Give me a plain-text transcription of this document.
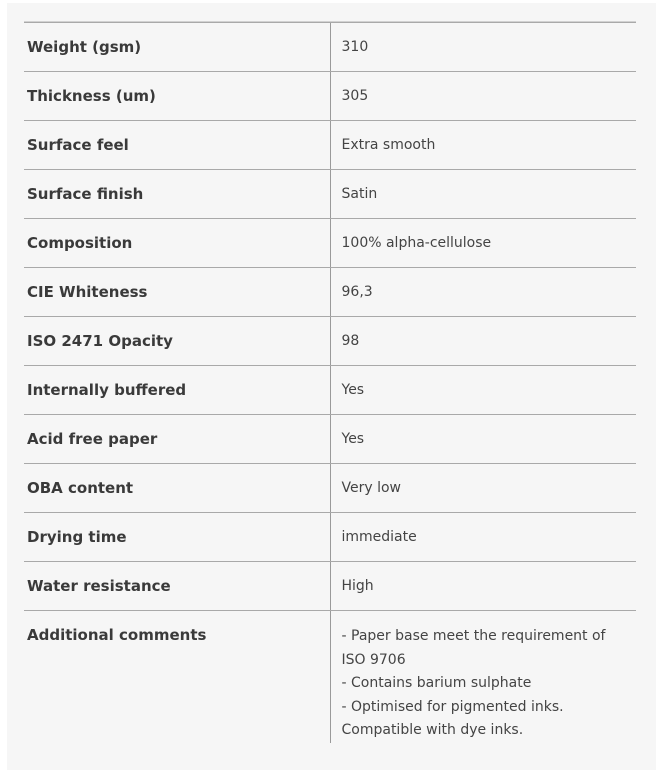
Weight (gsm)	310
Thickness (um)	305
Surface feel	Extra smooth
Surface finish	Satin
Composition	100% alpha-cellulose
CIE Whiteness	96,3
ISO 2471 Opacity	98
Internally buffered	Yes
Acid free paper	Yes
OBA content	Very low
Drying time	immediate
Water resistance	High
Additional comments	- Paper base meet the requirement of
ISO 9706
- Contains barium sulphate
- Optimised for pigmented inks.
Compatible with dye inks.
